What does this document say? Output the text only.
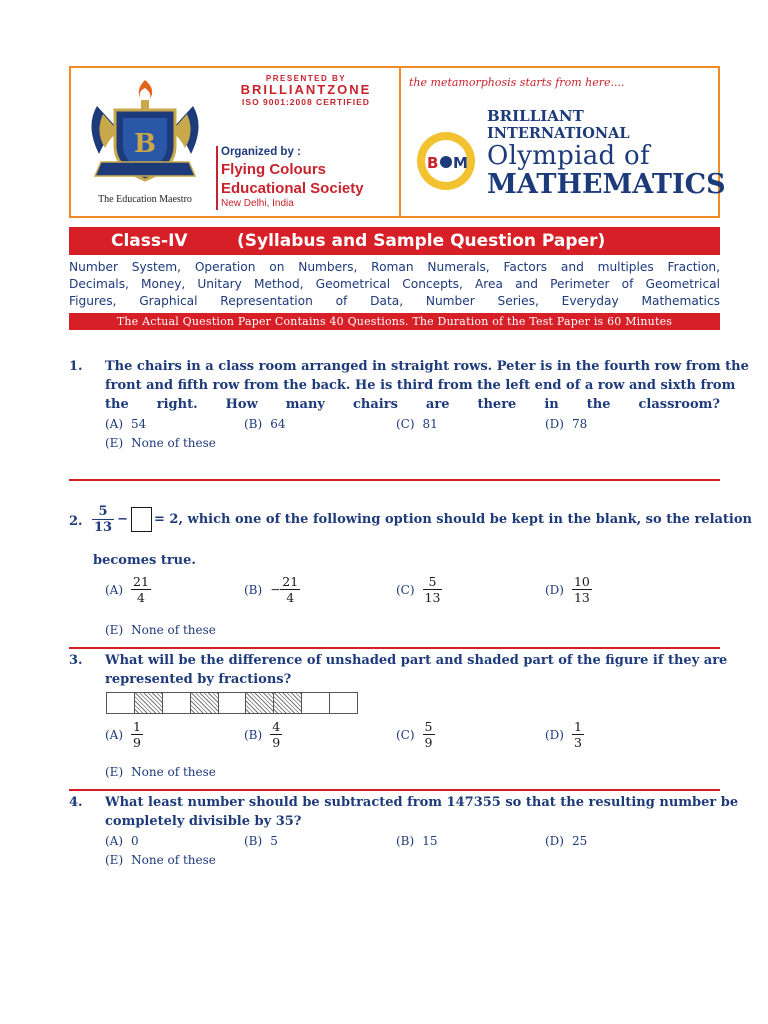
B
The Education Maestro
PRESENTED BY
BRILLIANTZONE
ISO 9001:2008 CERTIFIED
Organized by :
Flying Colours
Educational Society
New Delhi, India
the metamorphosis starts from here....
B M
BRILLIANT
INTERNATIONAL
Olympiad of
MATHEMATICS
Class-IV	(Syllabus and Sample Question Paper)
Number System, Operation on Numbers, Roman Numerals, Factors and multiples Fraction,
Decimals, Money, Unitary Method, Geometrical Concepts, Area and Perimeter of Geometrical
Figures, Graphical Representation of Data, Number Series, Everyday Mathematics
The Actual Question Paper Contains 40 Questions. The Duration of the Test Paper is 60 Minutes
1. The chairs in a class room arranged in straight rows. Peter is in the fourth row from the
front and fifth row from the back. He is third from the left end of a row and sixth from
the right. How many chairs are there in the classroom?
(A) 54	(B) 64	(C) 81	(D) 78
(E) None of these
2. $\frac{5}{13}$ − = 2, which one of the following option should be kept in the blank, so the relation
becomes true.
$(A) \frac{21}{4}$	$(B) - \frac{21}{4}$	$(C) \frac{5}{13}$	$(D) \frac{10}{13}$
(E) None of these
3. What will be the difference of unshaded part and shaded part of the figure if they are
represented by fractions?
$(A) \frac{1}{9}$	$(B) \frac{4}{9}$	$(C) \frac{5}{9}$	$(D) \frac{1}{3}$
(E) None of these
4. What least number should be subtracted from 147355 so that the resulting number be
completely divisible by 35?
(A) 0	(B) 5	(B) 15	(D) 25
(E) None of these
